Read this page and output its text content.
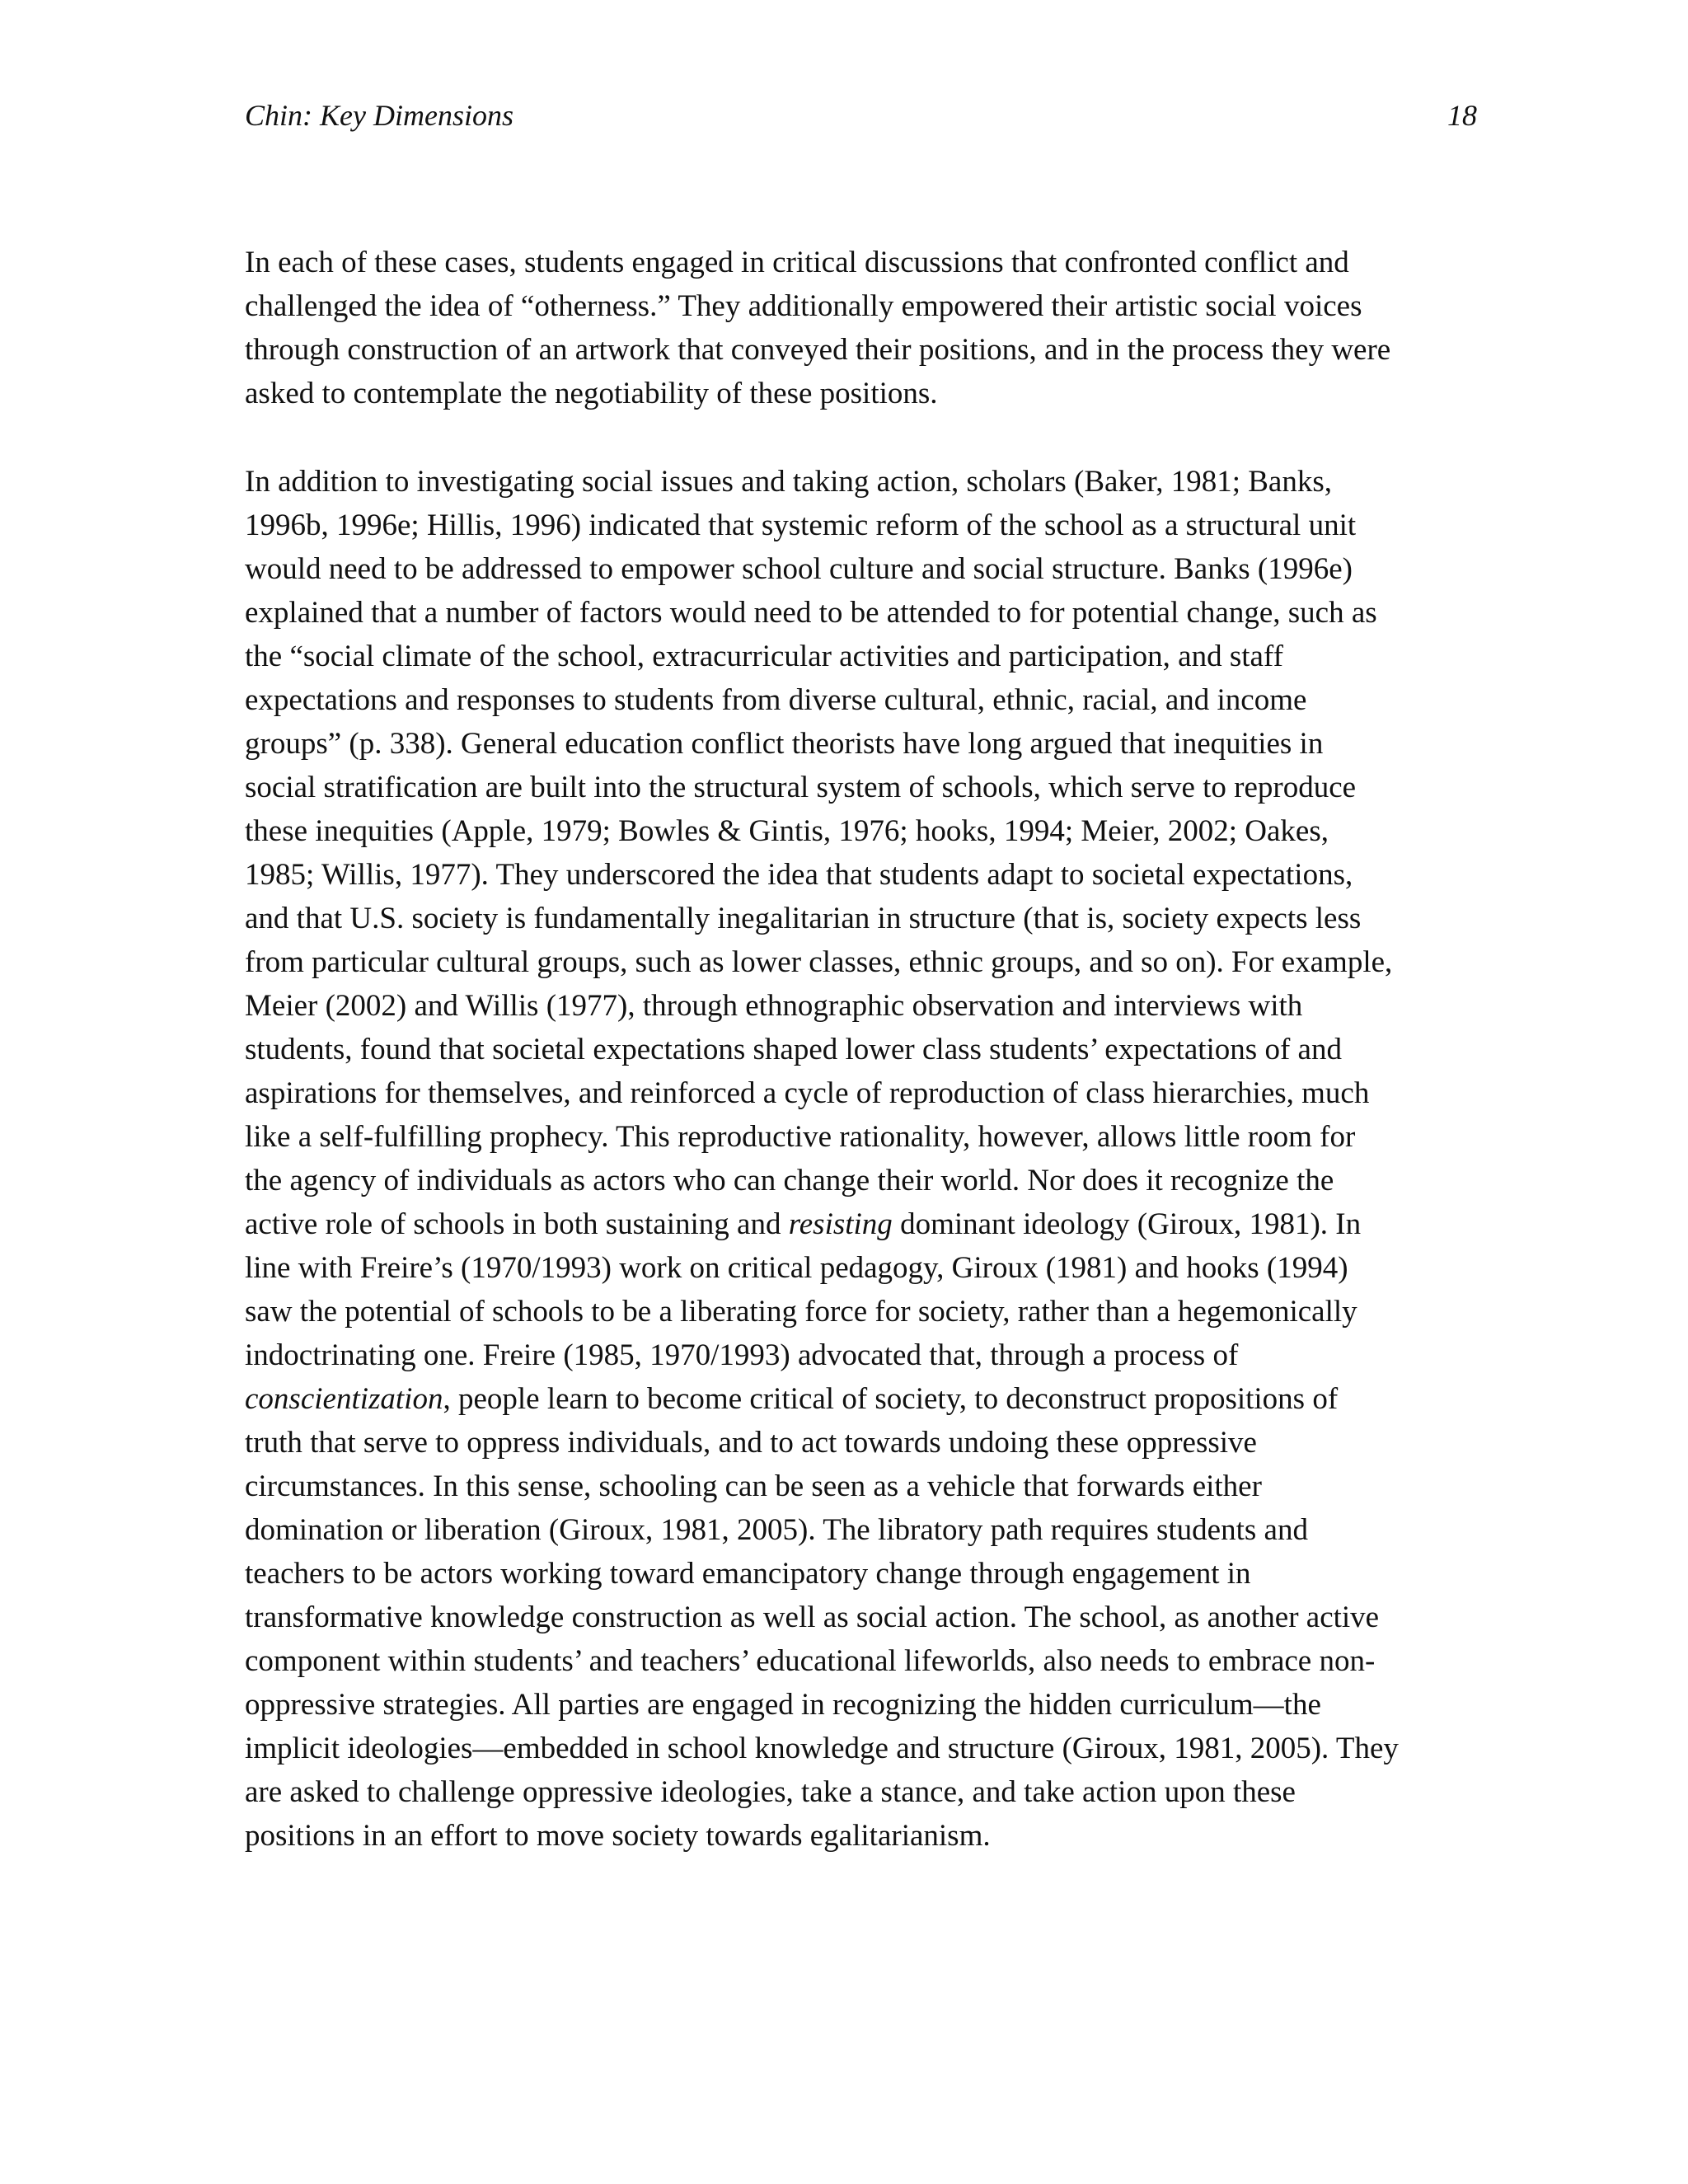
Chin: Key Dimensions	18
In each of these cases, students engaged in critical discussions that confronted conflict and
challenged the idea of “otherness.” They additionally empowered their artistic social voices
through construction of an artwork that conveyed their positions, and in the process they were
asked to contemplate the negotiability of these positions.
In addition to investigating social issues and taking action, scholars (Baker, 1981; Banks,
1996b, 1996e; Hillis, 1996) indicated that systemic reform of the school as a structural unit
would need to be addressed to empower school culture and social structure. Banks (1996e)
explained that a number of factors would need to be attended to for potential change, such as
the “social climate of the school, extracurricular activities and participation, and staff
expectations and responses to students from diverse cultural, ethnic, racial, and income
groups” (p. 338). General education conflict theorists have long argued that inequities in
social stratification are built into the structural system of schools, which serve to reproduce
these inequities (Apple, 1979; Bowles & Gintis, 1976; hooks, 1994; Meier, 2002; Oakes,
1985; Willis, 1977). They underscored the idea that students adapt to societal expectations,
and that U.S. society is fundamentally inegalitarian in structure (that is, society expects less
from particular cultural groups, such as lower classes, ethnic groups, and so on). For example,
Meier (2002) and Willis (1977), through ethnographic observation and interviews with
students, found that societal expectations shaped lower class students’ expectations of and
aspirations for themselves, and reinforced a cycle of reproduction of class hierarchies, much
like a self-fulfilling prophecy. This reproductive rationality, however, allows little room for
the agency of individuals as actors who can change their world. Nor does it recognize the
active role of schools in both sustaining and resisting dominant ideology (Giroux, 1981). In
line with Freire’s (1970/1993) work on critical pedagogy, Giroux (1981) and hooks (1994)
saw the potential of schools to be a liberating force for society, rather than a hegemonically
indoctrinating one. Freire (1985, 1970/1993) advocated that, through a process of
conscientization, people learn to become critical of society, to deconstruct propositions of
truth that serve to oppress individuals, and to act towards undoing these oppressive
circumstances. In this sense, schooling can be seen as a vehicle that forwards either
domination or liberation (Giroux, 1981, 2005). The libratory path requires students and
teachers to be actors working toward emancipatory change through engagement in
transformative knowledge construction as well as social action. The school, as another active
component within students’ and teachers’ educational lifeworlds, also needs to embrace non-
oppressive strategies. All parties are engaged in recognizing the hidden curriculum—the
implicit ideologies—embedded in school knowledge and structure (Giroux, 1981, 2005). They
are asked to challenge oppressive ideologies, take a stance, and take action upon these
positions in an effort to move society towards egalitarianism.
